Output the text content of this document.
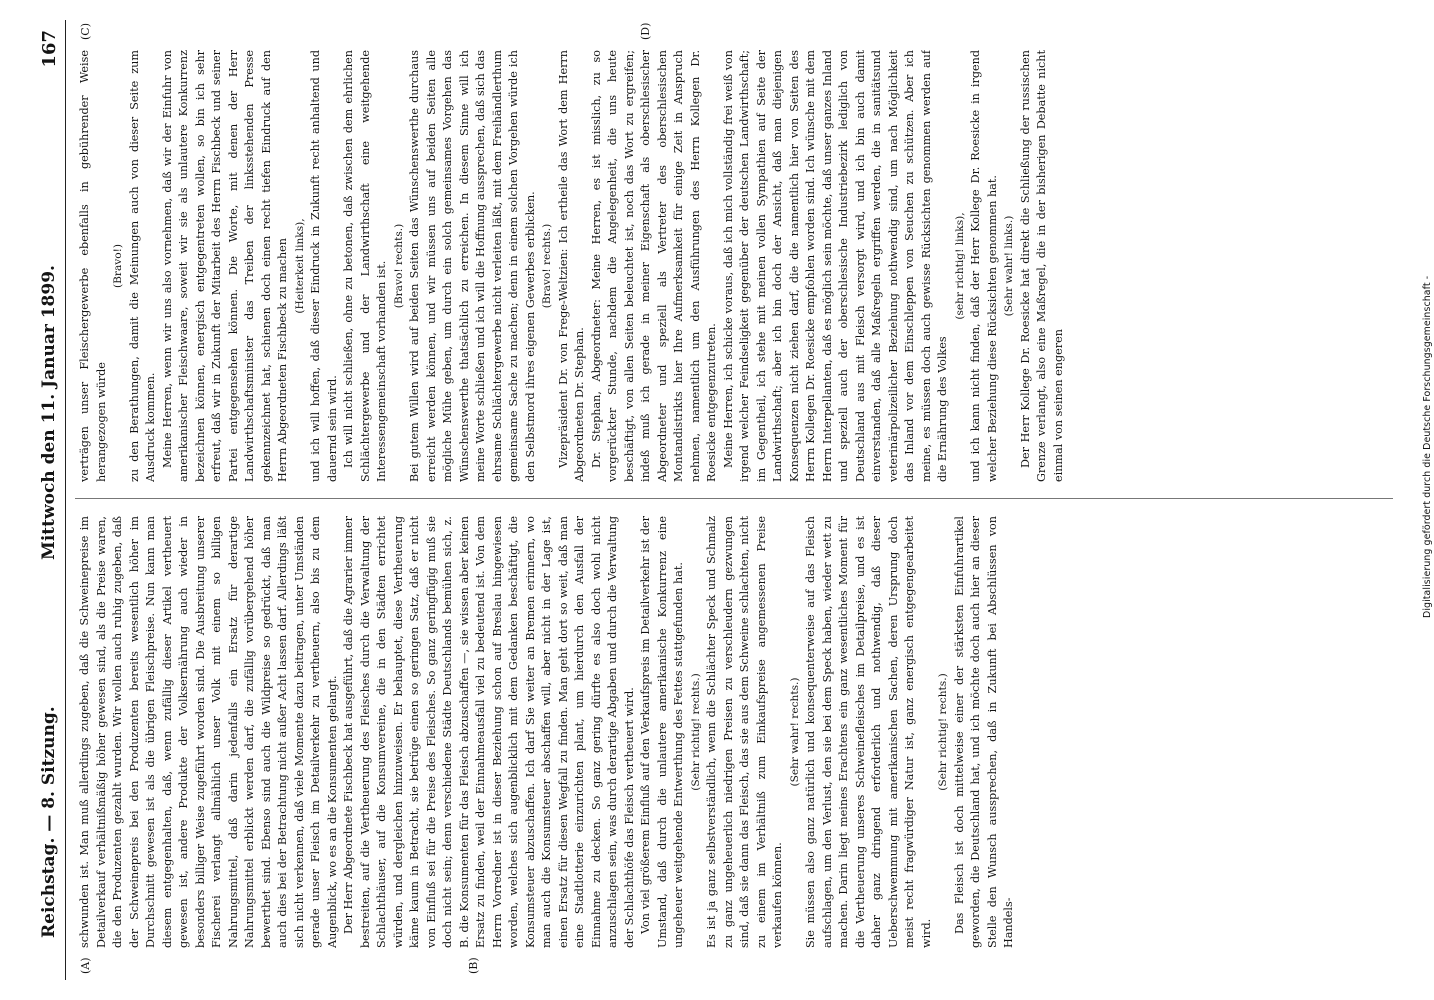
Reichstag. — 8. Sitzung.
Mittwoch den 11. Januar 1899.
167
(A)	(B)
(C)	(D)

schwunden ist. Man muß allerdings zugeben, daß die Schweinepreise im Detailverkauf verhältnißmäßig höher gewesen sind, als die Preise waren, die den Produzenten gezahlt wurden. Wir wollen auch ruhig zugeben, daß der Schweinepreis bei den Produzenten bereits wesentlich höher im Durchschnitt gewesen ist als die übrigen Fleischpreise. Nun kann man diesem entgegenhalten, daß, wenn zufällig dieser Artikel vertheuert gewesen ist, andere Produkte der Volksernährung auch wieder in besonders billiger Weise zugeführt worden sind. Die Ausbreitung unserer Fischerei verlangt allmählich unser Volk mit einem so billigen Nahrungsmittel, daß darin jedenfalls ein Ersatz für derartige Nahrungsmittel erblickt werden darf, die zufällig vorübergehend höher bewerthet sind. Ebenso sind auch die Wildpreise so gedrückt, daß man auch dies bei der Betrachtung nicht außer Acht lassen darf. Allerdings läßt sich nicht verkennen, daß viele Momente dazu beitragen, unter Umständen gerade unser Fleisch im Detailverkehr zu vertheuern, also bis zu dem Augenblick, wo es an die Konsumenten gelangt. Der Herr Abgeordnete Fischbeck hat ausgeführt, daß die Agrarier immer bestreiten, auf die Vertheuerung des Fleisches durch die Verwaltung der Schlachthäuser, auf die Konsumvereine, die in den Städten errichtet würden, und dergleichen hinzuweisen. Er behauptet, diese Vertheuerung käme kaum in Betracht, sie betrüge einen so geringen Satz, daß er nicht von Einfluß sei für die Preise des Fleisches. So ganz geringfügig muß sie doch nicht sein; denn verschiedene Städte Deutschlands bemühen sich, z. B. die Konsumenten für das Fleisch abzuschaffen —, sie wissen aber keinen Ersatz zu finden, weil der Einnahmeausfall viel zu bedeutend ist. Von dem Herrn Vorredner ist in dieser Beziehung schon auf Breslau hingewiesen worden, welches sich augenblicklich mit dem Gedanken beschäftigt, die Konsumsteuer abzuschaffen. Ich darf Sie weiter an Bremen erinnern, wo man auch die Konsumsteuer abschaffen will, aber nicht in der Lage ist, einen Ersatz für diesen Wegfall zu finden. Man geht dort so weit, daß man eine Stadtlotterie einzurichten plant, um hierdurch den Ausfall der Einnahme zu decken. So ganz gering dürfte es also doch wohl nicht anzuschlagen sein, was durch derartige Abgaben und durch die Verwaltung der Schlachthöfe das Fleisch vertheuert wird. Von viel größerem Einfluß auf den Verkaufspreis im Detailverkehr ist der Umstand, daß durch die unlautere amerikanische Konkurrenz eine ungeheuer weitgehende Entwerthung des Fettes stattgefunden hat. (Sehr richtig! rechts.) Es ist ja ganz selbstverständlich, wenn die Schlächter Speck und Schmalz zu ganz ungeheuerlich niedrigen Preisen zu verschleudern gezwungen sind, daß sie dann das Fleisch, das sie aus dem Schweine schlachten, nicht zu einem im Verhältniß zum Einkaufspreise angemessenen Preise verkaufen können.

(Sehr wahr! rechts.) Sie müssen also ganz natürlich und konsequenterweise auf das Fleisch aufschlagen, um den Verlust, den sie bei dem Speck haben, wieder wett zu machen. Darin liegt meines Erachtens ein ganz wesentliches Moment für die Vertheuerung unseres Schweinefleisches im Detailpreise, und es ist daher ganz dringend erforderlich und nothwendig, daß dieser Ueberschwemmung mit amerikanischen Sachen, deren Ursprung doch meist recht fragwürdiger Natur ist, ganz energisch entgegengearbeitet wird.

(Sehr richtig! rechts.) Das Fleisch ist doch mittelweise einer der stärksten Einfuhrartikel geworden, die Deutschland hat, und ich möchte doch auch hier an dieser Stelle den Wunsch aussprechen, daß in Zukunft bei Abschlüssen von Handels-

verträgen unser Fleischergewerbe ebenfalls in gebührender Weise herangezogen würde

(Bravo!) zu den Berathungen, damit die Meinungen auch von dieser Seite zum Ausdruck kommen. Meine Herren, wenn wir uns also vornehmen, daß wir der Einfuhr von amerikanischer Fleischwaare, soweit wir sie als unlautere Konkurrenz bezeichnen können, energisch entgegentreten wollen, so bin ich sehr erfreut, daß wir in Zukunft der Mitarbeit des Herrn Fischbeck und seiner Partei entgegensehen können. Die Worte, mit denen der Herr Landwirthschaftsminister das Treiben der linksstehenden Presse gekennzeichnet hat, schienen doch einen recht tiefen Eindruck auf den Herrn Abgeordneten Fischbeck zu machen (Heiterkeit links), und ich will hoffen, daß dieser Eindruck in Zukunft recht anhaltend und dauernd sein wird. Ich will nicht schließen, ohne zu betonen, daß zwischen dem ehrlichen Schlächtergewerbe und der Landwirthschaft eine weitgehende Interessengemeinschaft vorhanden ist. (Bravo! rechts.) Bei gutem Willen wird auf beiden Seiten das Wünschenswerthe durchaus erreicht werden können, und wir müssen uns auf beiden Seiten alle mögliche Mühe geben, um durch ein solch gemeinsames Vorgehen das Wünschenswerthe thatsächlich zu erreichen. In diesem Sinne will ich meine Worte schließen und ich will die Hoffnung aussprechen, daß sich das ehrsame Schlächtergewerbe nicht verleiten läßt, mit dem Freihändlerthum gemeinsame Sache zu machen; denn in einem solchen Vorgehen würde ich den Selbstmord ihres eigenen Gewerbes erblicken. (Bravo! rechts.) Vizepräsident Dr. von Frege-Weltzien: Ich ertheile das Wort dem Herrn Abgeordneten Dr. Stephan. Dr. Stephan, Abgeordneter: Meine Herren, es ist misslich, zu so vorgerückter Stunde, nachdem die Angelegenheit, die uns heute beschäftigt, von allen Seiten beleuchtet ist, noch das Wort zu ergreifen; indeß muß ich gerade in meiner Eigenschaft als oberschlesischer Abgeordneter und speziell als Vertreter des oberschlesischen Montandistrikts hier Ihre Aufmerksamkeit für einige Zeit in Anspruch nehmen, namentlich um den Ausführungen des Herrn Kollegen Dr. Roesicke entgegenzutreten. Meine Herren, ich schicke voraus, daß ich mich vollständig frei weiß von irgend welcher Feindseligkeit gegenüber der deutschen Landwirthschaft; im Gegentheil, ich stehe mit meinen vollen Sympathien auf Seite der Landwirthschaft; aber ich bin doch der Ansicht, daß man diejenigen Konsequenzen nicht ziehen darf, die die namentlich hier von Seiten des Herrn Kollegen Dr. Roesicke empfohlen worden sind. Ich wünsche mit dem Herrn Interpellanten, daß es möglich sein möchte, daß unser ganzes Inland und speziell auch der oberschlesische Industriebezirk lediglich von Deutschland aus mit Fleisch versorgt wird, und ich bin auch damit einverstanden, daß alle Maßregeln ergriffen werden, die in sanitätsund veterinärpolizeilicher Beziehung nothwendig sind, um nach Möglichkeit das Inland vor dem Einschleppen von Seuchen zu schützen. Aber ich meine, es müssen doch auch gewisse Rücksichten genommen werden auf die Ernährung des Volkes

(sehr richtig! links), und ich kann nicht finden, daß der Herr Kollege Dr. Roesicke in irgend welcher Beziehung diese Rücksichten genommen hat. (Sehr wahr! links.) Der Herr Kollege Dr. Roesicke hat direkt die Schließung der russischen Grenze verlangt, also eine Maßregel, die in der bisherigen Debatte nicht einmal von seinen engeren	Digitalisierung gefördert durch die Deutsche Forschungsgemeinschaft -
